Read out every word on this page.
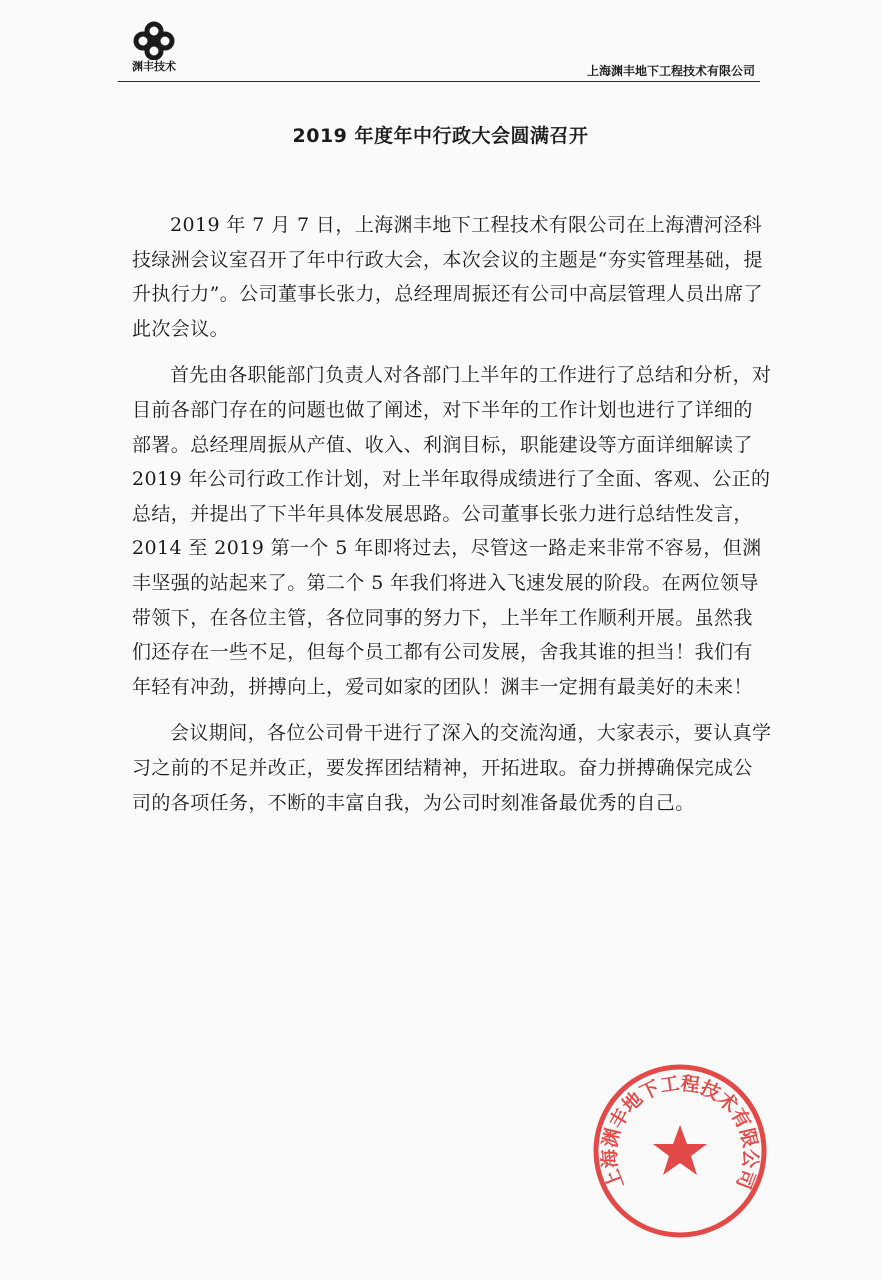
渊丰技术	上海渊丰地下工程技术有限公司
2019 年度年中行政大会圆满召开

2019 年 7 月 7 日，上海渊丰地下工程技术有限公司在上海漕河泾科技绿洲会议室召开了年中行政大会，本次会议的主题是“夯实管理基础，提升执行力”。公司董事长张力，总经理周振还有公司中高层管理人员出席了此次会议。

首先由各职能部门负责人对各部门上半年的工作进行了总结和分析，对目前各部门存在的问题也做了阐述，对下半年的工作计划也进行了详细的部署。总经理周振从产值、收入、利润目标，职能建设等方面详细解读了 2019 年公司行政工作计划，对上半年取得成绩进行了全面、客观、公正的总结，并提出了下半年具体发展思路。公司董事长张力进行总结性发言，2014 至 2019 第一个 5 年即将过去，尽管这一路走来非常不容易，但渊丰坚强的站起来了。第二个 5 年我们将进入飞速发展的阶段。在两位领导带领下，在各位主管，各位同事的努力下，上半年工作顺利开展。虽然我们还存在一些不足，但每个员工都有公司发展，舍我其谁的担当！我们有年轻有冲劲，拼搏向上，爱司如家的团队！渊丰一定拥有最美好的未来！

会议期间，各位公司骨干进行了深入的交流沟通，大家表示，要认真学习之前的不足并改正，要发挥团结精神，开拓进取。奋力拼搏确保完成公司的各项任务，不断的丰富自我，为公司时刻准备最优秀的自己。

上海渊丰地下工程技术有限公司
